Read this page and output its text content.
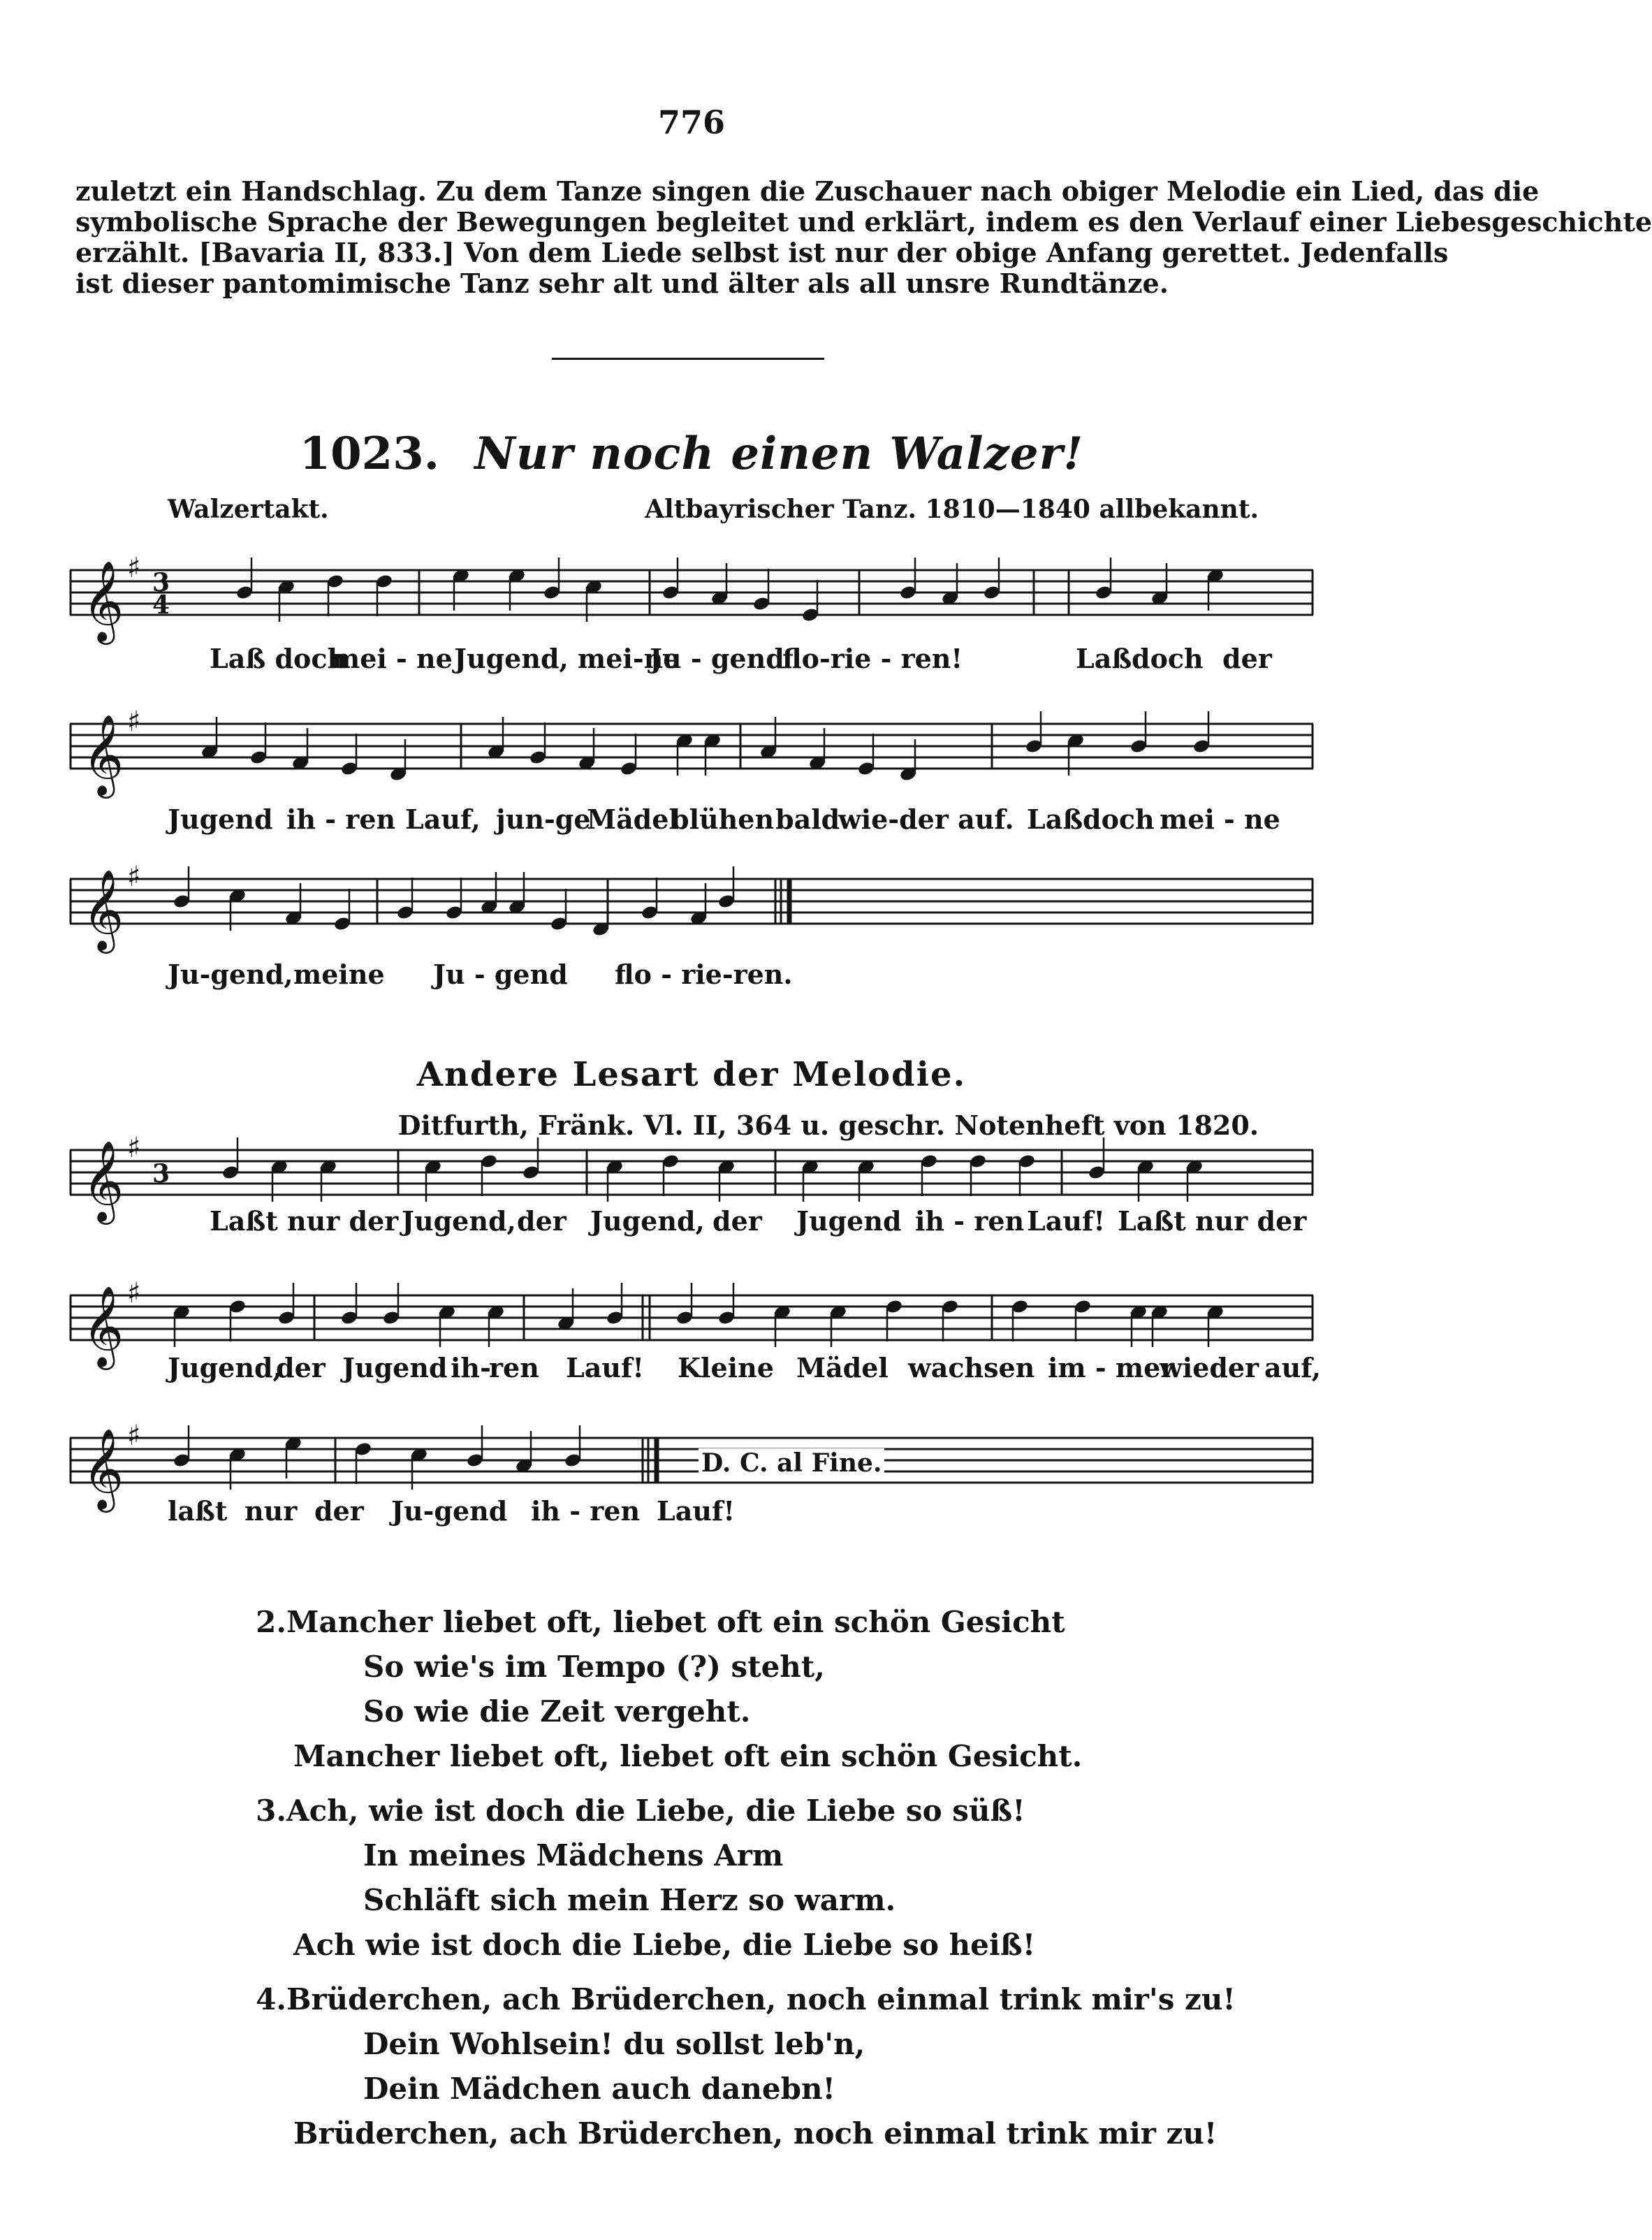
776
zuletzt ein Handschlag. Zu dem Tanze singen die Zuschauer nach obiger Melodie ein Lied, das die
symbolische Sprache der Bewegungen begleitet und erklärt, indem es den Verlauf einer Liebesgeschichte
erzählt. [Bavaria II, 833.] Von dem Liede selbst ist nur der obige Anfang gerettet. Jedenfalls
ist dieser pantomimische Tanz sehr alt und älter als all unsre Rundtänze.
1023. Nur noch einen Walzer!
Walzertakt.	Altbayrischer Tanz. 1810—1840 allbekannt.
𝄞 ♯ 3
4
Laß doch
mei - ne Jugend, mei-ne
Ju - gend
flo-rie - ren!	Laß doch der
𝄞 ♯
Jugend ih - ren Lauf, jun-ge
Mädel
blühen bald
wie-der auf. Laß doch mei - ne
𝄞 ♯
Ju-gend, meine Ju - gend flo - rie-ren.
Andere Lesart der Melodie.
Ditfurth, Fränk. Vl. II, 364 u. geschr. Notenheft von 1820.
𝄞 ♯
3
Laßt nur der Jugend, der Jugend, der Jugend ih - ren Lauf! Laßt nur der
𝄞 ♯
Jugend,
der Jugend ih-
ren Lauf! Kleine Mädel wachsen im - mer
wieder auf,
𝄞 ♯
D. C. al Fine.
laßt nur der Ju-gend ih - ren Lauf!
2.Mancher liebet oft, liebet oft ein schön Gesicht
So wie's im Tempo (?) steht,
So wie die Zeit vergeht.
Mancher liebet oft, liebet oft ein schön Gesicht.
3.Ach, wie ist doch die Liebe, die Liebe so süß!
In meines Mädchens Arm
Schläft sich mein Herz so warm.
Ach wie ist doch die Liebe, die Liebe so heiß!
4.Brüderchen, ach Brüderchen, noch einmal trink mir's zu!
Dein Wohlsein! du sollst leb'n,
Dein Mädchen auch danebn!
Brüderchen, ach Brüderchen, noch einmal trink mir zu!
